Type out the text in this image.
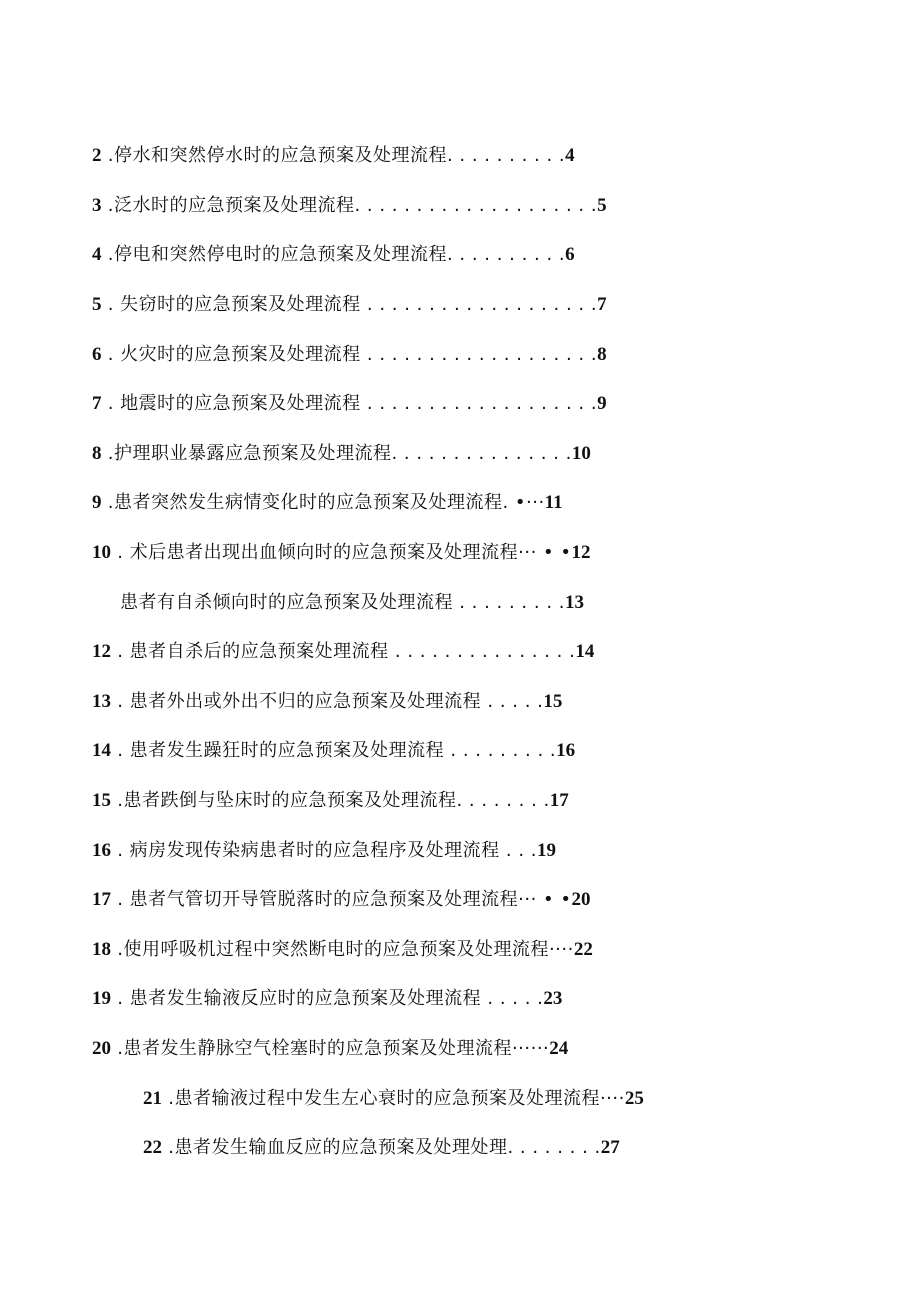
2 .停水和突然停水时的应急预案及处理流程. . . . . . . . . .4
3 .泛水时的应急预案及处理流程. . . . . . . . . . . . . . . . . . . .5
4 .停电和突然停电时的应急预案及处理流程. . . . . . . . . .6
5 . 失窃时的应急预案及处理流程 . . . . . . . . . . . . . . . . . . .7
6 . 火灾时的应急预案及处理流程 . . . . . . . . . . . . . . . . . . .8
7 . 地震时的应急预案及处理流程 . . . . . . . . . . . . . . . . . . .9
8 .护理职业暴露应急预案及处理流程. . . . . . . . . . . . . . .10
9 .患者突然发生病情变化时的应急预案及处理流程. •···11
10 . 术后患者出现出血倾向时的应急预案及处理流程··· • •12
患者有自杀倾向时的应急预案及处理流程 . . . . . . . . .13
12 . 患者自杀后的应急预案处理流程 . . . . . . . . . . . . . . .14
13 . 患者外出或外出不归的应急预案及处理流程 . . . . .15
14 . 患者发生躁狂时的应急预案及处理流程 . . . . . . . . .16
15 .患者跌倒与坠床时的应急预案及处理流程. . . . . . . .17
16 . 病房发现传染病患者时的应急程序及处理流程 . . .19
17 . 患者气管切开导管脱落时的应急预案及处理流程··· • •20
18 .使用呼吸机过程中突然断电时的应急预案及处理流程····22
19 . 患者发生输液反应时的应急预案及处理流程 . . . . .23
20 .患者发生静脉空气栓塞时的应急预案及处理流程······24
21 .患者输液过程中发生左心衰时的应急预案及处理流程····25
22 .患者发生输血反应的应急预案及处理处理. . . . . . . .27
